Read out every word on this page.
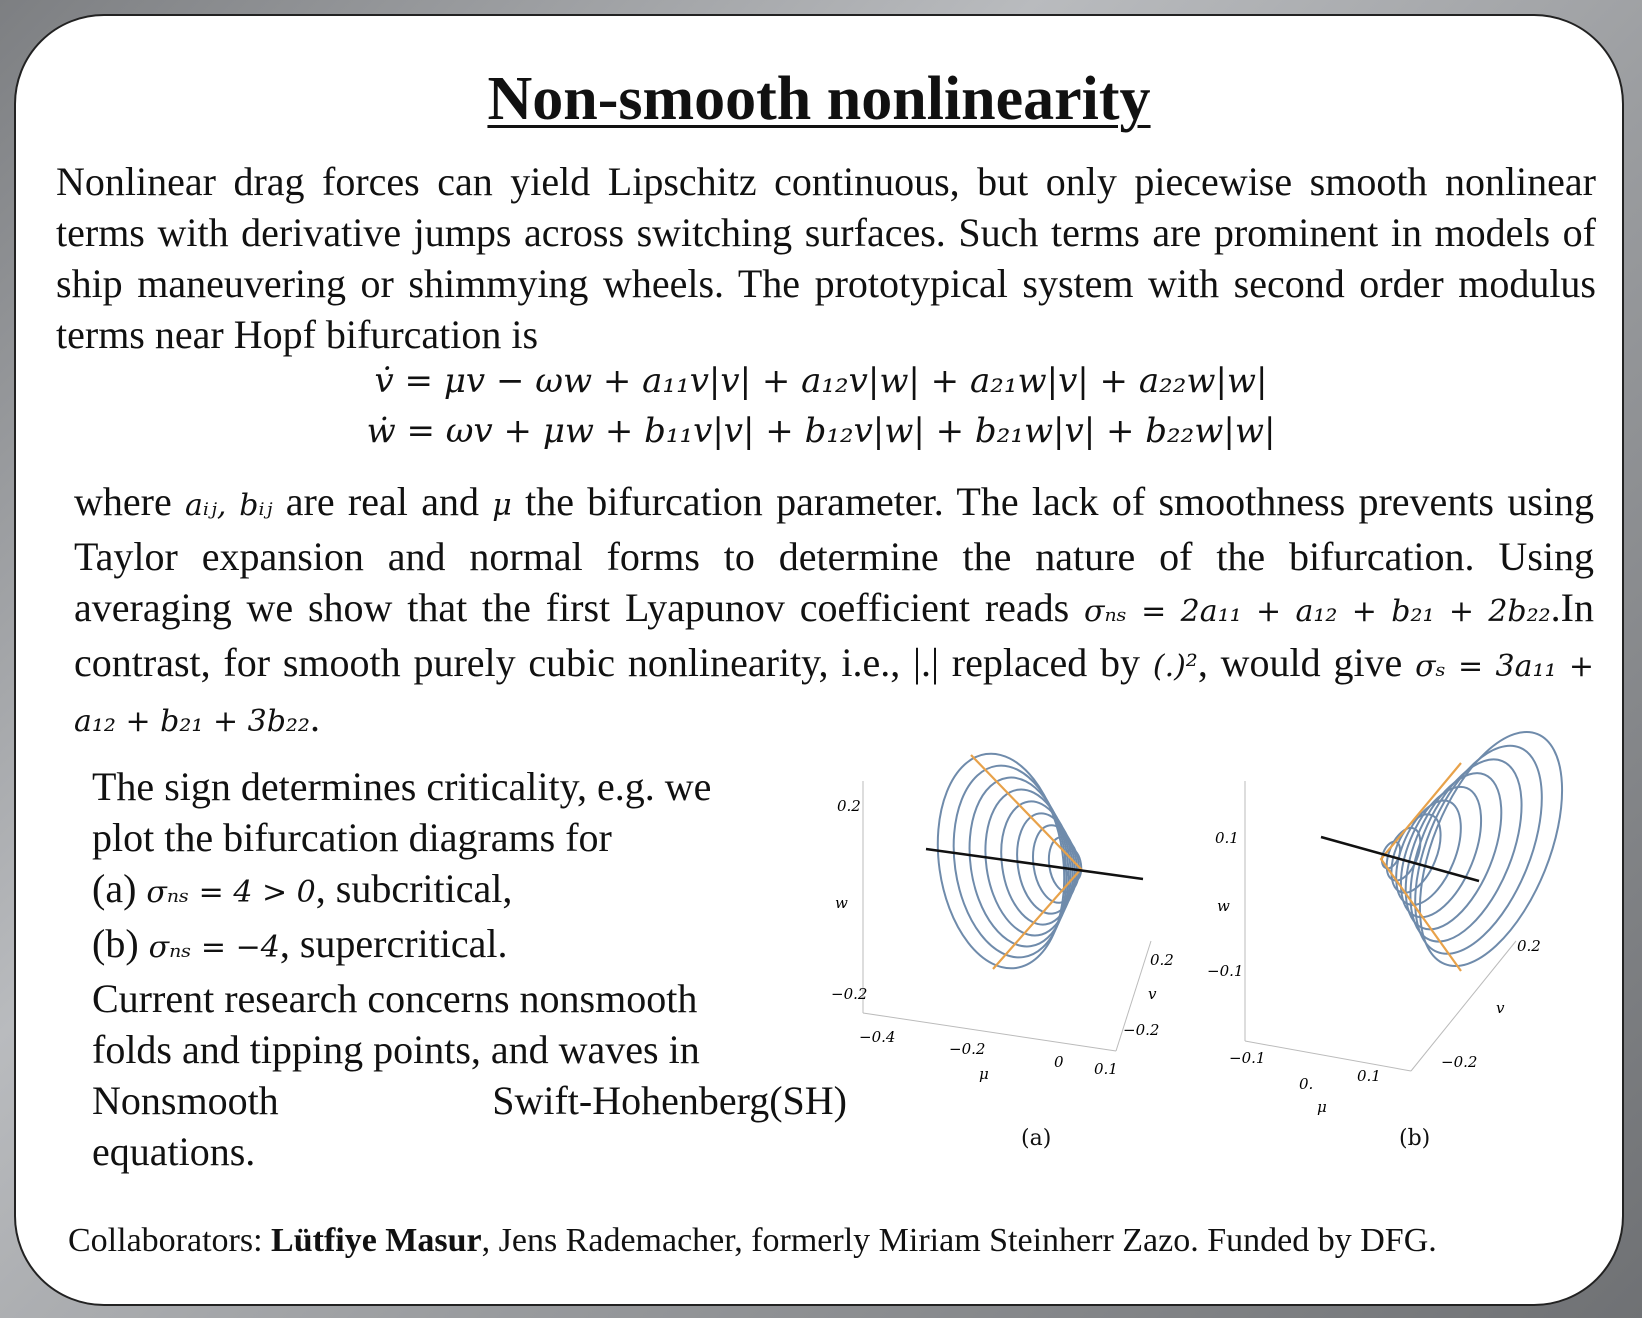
Non-smooth nonlinearity
Nonlinear drag forces can yield Lipschitz continuous, but only piecewise smooth nonlinear terms with derivative jumps across switching surfaces. Such terms are prominent in models of ship maneuvering or shimmying wheels. The prototypical system with second order modulus terms near Hopf bifurcation is
v̇ = μv − ωw + a₁₁v|v| + a₁₂v|w| + a₂₁w|v| + a₂₂w|w|
ẇ = ωv + μw + b₁₁v|v| + b₁₂v|w| + b₂₁w|v| + b₂₂w|w|
where aᵢⱼ, bᵢⱼ are real and μ the bifurcation parameter. The lack of smoothness prevents using Taylor expansion and normal forms to determine the nature of the bifurcation. Using averaging we show that the first Lyapunov coefficient reads σₙₛ = 2a₁₁ + a₁₂ + b₂₁ + 2b₂₂.In contrast, for smooth purely cubic nonlinearity, i.e., |.| replaced by (.)², would give σₛ = 3a₁₁ + a₁₂ + b₂₁ + 3b₂₂.
The sign determines criticality, e.g. we
plot the bifurcation diagrams for
(a) σₙₛ = 4 > 0, subcritical,
(b) σₙₛ = −4, supercritical.
Current research concerns nonsmooth
folds and tipping points, and waves in
Nonsmooth	Swift-Hohenberg(SH)
equations.
0.2
−0.2
w
−0.4
−0.2
0 0.1
μ
0.2
v
−0.2
(a)
0.1
−0.1
w
−0.1
0.	0.1
μ
0.2
v
−0.2
(b)
Collaborators: Lütfiye Masur, Jens Rademacher, formerly Miriam Steinherr Zazo. Funded by DFG.
